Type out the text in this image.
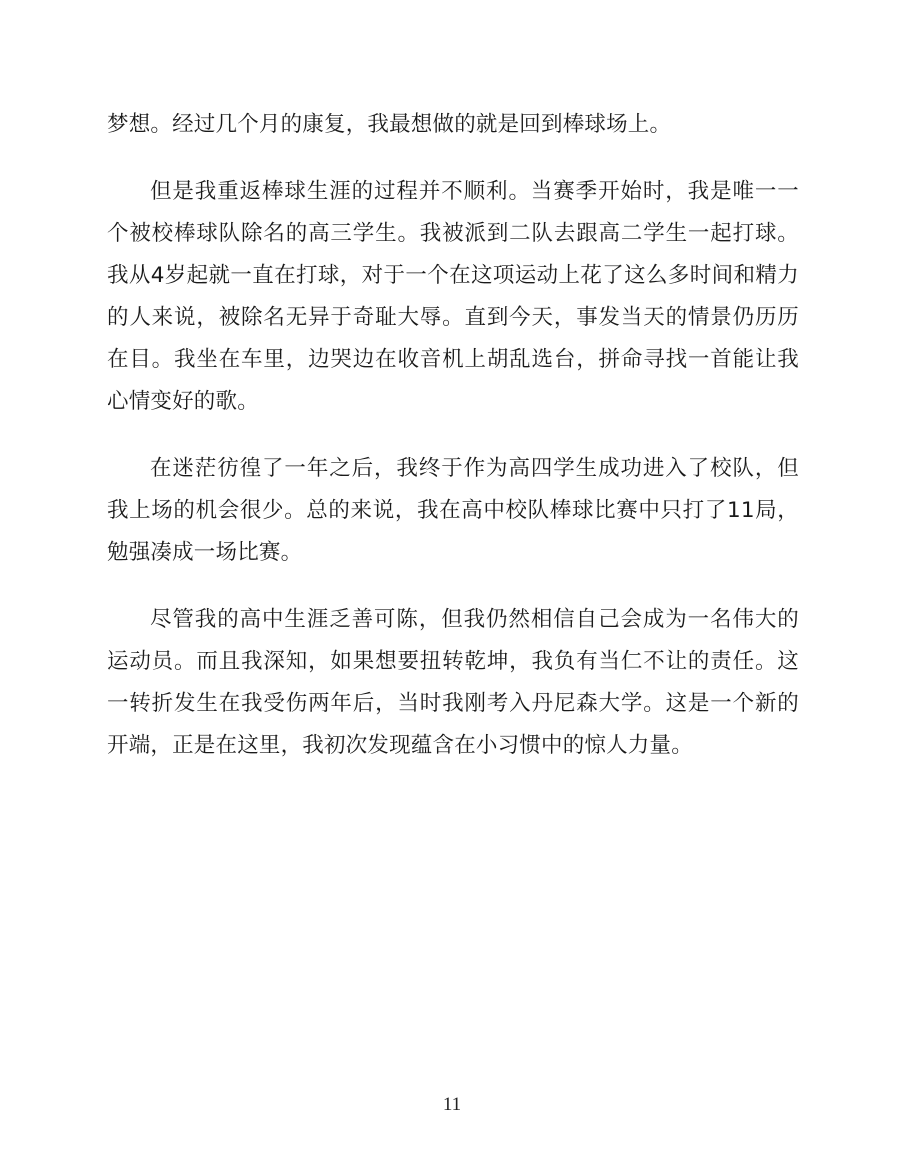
梦想。经过几个月的康复，我最想做的就是回到棒球场上。

但是我重返棒球生涯的过程并不顺利。当赛季开始时，我是唯一一个被校棒球队除名的高三学生。我被派到二队去跟高二学生一起打球。我从4岁起就一直在打球，对于一个在这项运动上花了这么多时间和精力的人来说，被除名无异于奇耻大辱。直到今天，事发当天的情景仍历历在目。我坐在车里，边哭边在收音机上胡乱选台，拼命寻找一首能让我心情变好的歌。

在迷茫彷徨了一年之后，我终于作为高四学生成功进入了校队，但我上场的机会很少。总的来说，我在高中校队棒球比赛中只打了11局，勉强凑成一场比赛。

尽管我的高中生涯乏善可陈，但我仍然相信自己会成为一名伟大的运动员。而且我深知，如果想要扭转乾坤，我负有当仁不让的责任。这一转折发生在我受伤两年后，当时我刚考入丹尼森大学。这是一个新的开端，正是在这里，我初次发现蕴含在小习惯中的惊人力量。

11
